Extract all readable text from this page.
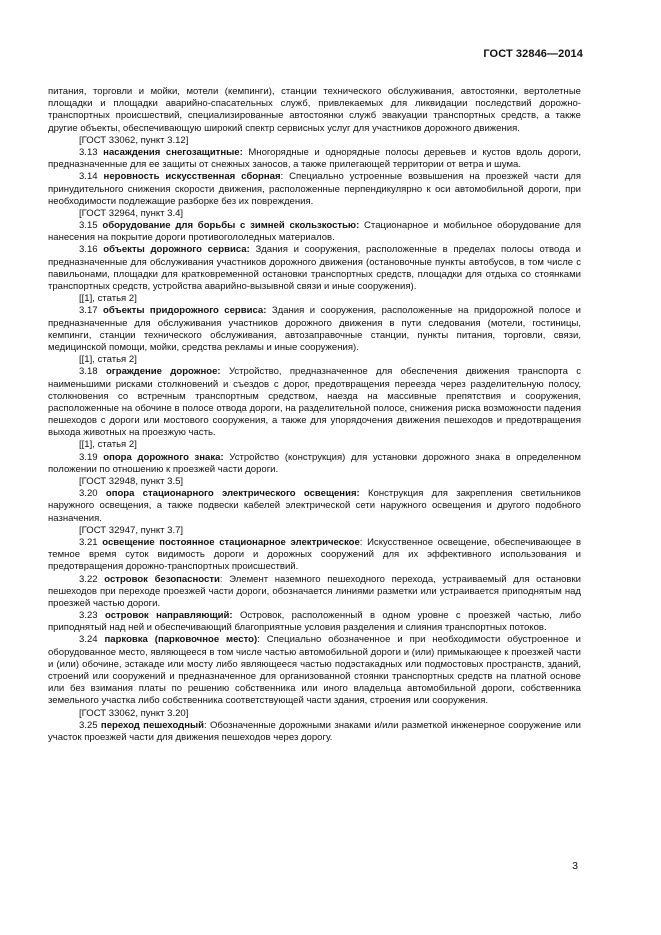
ГОСТ 32846—2014
питания, торговли и мойки, мотели (кемпинги), станции технического обслуживания, автостоянки, вертолетные площадки и площадки аварийно-спасательных служб, привлекаемых для ликвидации последствий дорожно-транспортных происшествий, специализированные автостоянки служб эвакуации транспортных средств, а также другие объекты, обеспечивающую широкий спектр сервисных услуг для участников дорожного движения.
[ГОСТ 33062, пункт 3.12]
3.13 насаждения снегозащитные: Многорядные и однорядные полосы деревьев и кустов вдоль дороги, предназначенные для ее защиты от снежных заносов, а также прилегающей территории от ветра и шума.
3.14 неровность искусственная сборная: Специально устроенные возвышения на проезжей части для принудительного снижения скорости движения, расположенные перпендикулярно к оси автомобильной дороги, при необходимости подлежащие разборке без их повреждения.
[ГОСТ 32964, пункт 3.4]
3.15 оборудование для борьбы с зимней скользкостью: Стационарное и мобильное оборудование для нанесения на покрытие дороги противогололедных материалов.
3.16 объекты дорожного сервиса: Здания и сооружения, расположенные в пределах полосы отвода и предназначенные для обслуживания участников дорожного движения (остановочные пункты автобусов, в том числе с павильонами, площадки для кратковременной остановки транспортных средств, площадки для отдыха со стоянками транспортных средств, устройства аварийно-вызывной связи и иные сооружения).
[[1], статья 2]
3.17 объекты придорожного сервиса: Здания и сооружения, расположенные на придорожной полосе и предназначенные для обслуживания участников дорожного движения в пути следования (мотели, гостиницы, кемпинги, станции технического обслуживания, автозаправочные станции, пункты питания, торговли, связи, медицинской помощи, мойки, средства рекламы и иные сооружения).
[[1], статья 2]
3.18 ограждение дорожное: Устройство, предназначенное для обеспечения движения транспорта с наименьшими рисками столкновений и съездов с дорог, предотвращения переезда через разделительную полосу, столкновения со встречным транспортным средством, наезда на массивные препятствия и сооружения, расположенные на обочине в полосе отвода дороги, на разделительной полосе, снижения риска возможности падения пешеходов с дороги или мостового сооружения, а также для упорядочения движения пешеходов и предотвращения выхода животных на проезжую часть.
[[1], статья 2]
3.19 опора дорожного знака: Устройство (конструкция) для установки дорожного знака в определенном положении по отношению к проезжей части дороги.
[ГОСТ 32948, пункт 3.5]
3.20 опора стационарного электрического освещения: Конструкция для закрепления светильников наружного освещения, а также подвески кабелей электрической сети наружного освещения и другого подобного назначения.
[ГОСТ 32947, пункт 3.7]
3.21 освещение постоянное стационарное электрическое: Искусственное освещение, обеспечивающее в темное время суток видимость дороги и дорожных сооружений для их эффективного использования и предотвращения дорожно-транспортных происшествий.
3.22 островок безопасности: Элемент наземного пешеходного перехода, устраиваемый для остановки пешеходов при переходе проезжей части дороги, обозначается линиями разметки или устраивается приподнятым над проезжей частью дороги.
3.23 островок направляющий: Островок, расположенный в одном уровне с проезжей частью, либо приподнятый над ней и обеспечивающий благоприятные условия разделения и слияния транспортных потоков.
3.24 парковка (парковочное место): Специально обозначенное и при необходимости обустроенное и оборудованное место, являющееся в том числе частью автомобильной дороги и (или) примыкающее к проезжей части и (или) обочине, эстакаде или мосту либо являющееся частью подэстакадных или подмостовых пространств, зданий, строений или сооружений и предназначенное для организованной стоянки транспортных средств на платной основе или без взимания платы по решению собственника или иного владельца автомобильной дороги, собственника земельного участка либо собственника соответствующей части здания, строения или сооружения.
[ГОСТ 33062, пункт 3.20]
3.25 переход пешеходный: Обозначенные дорожными знаками и/или разметкой инженерное сооружение или участок проезжей части для движения пешеходов через дорогу.
3
